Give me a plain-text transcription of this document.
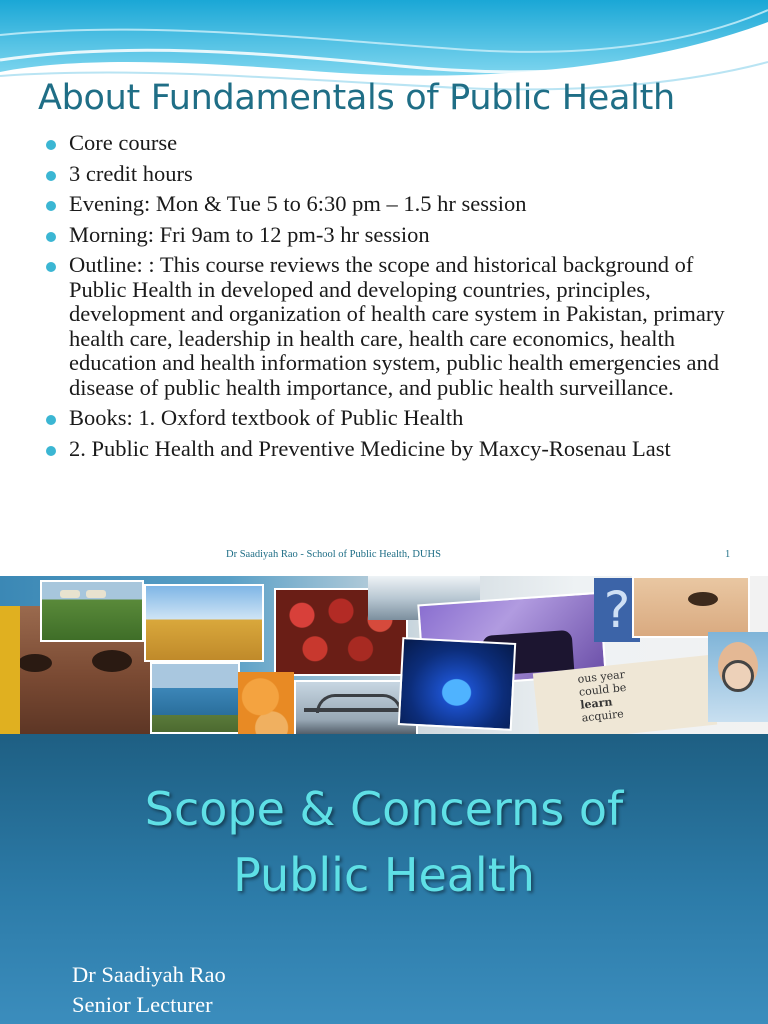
About Fundamentals of Public Health
Core course
3 credit hours
Evening: Mon & Tue 5 to 6:30 pm – 1.5 hr session
Morning: Fri 9am to 12 pm-3 hr session
Outline: : This course reviews the scope and historical background of Public Health in developed and developing countries, principles, development and organization of health care system in Pakistan, primary health care, leadership in health care, health care economics, health education and health information system, public health emergencies and disease of public health importance, and public health surveillance.
Books: 1. Oxford textbook of Public Health
2. Public Health and Preventive Medicine by Maxcy-Rosenau Last
Dr Saadiyah Rao - School of Public Health, DUHS	1
?
ous year
could be
learn
acquire
Scope & Concerns of
Public Health
Dr Saadiyah Rao
Senior Lecturer
